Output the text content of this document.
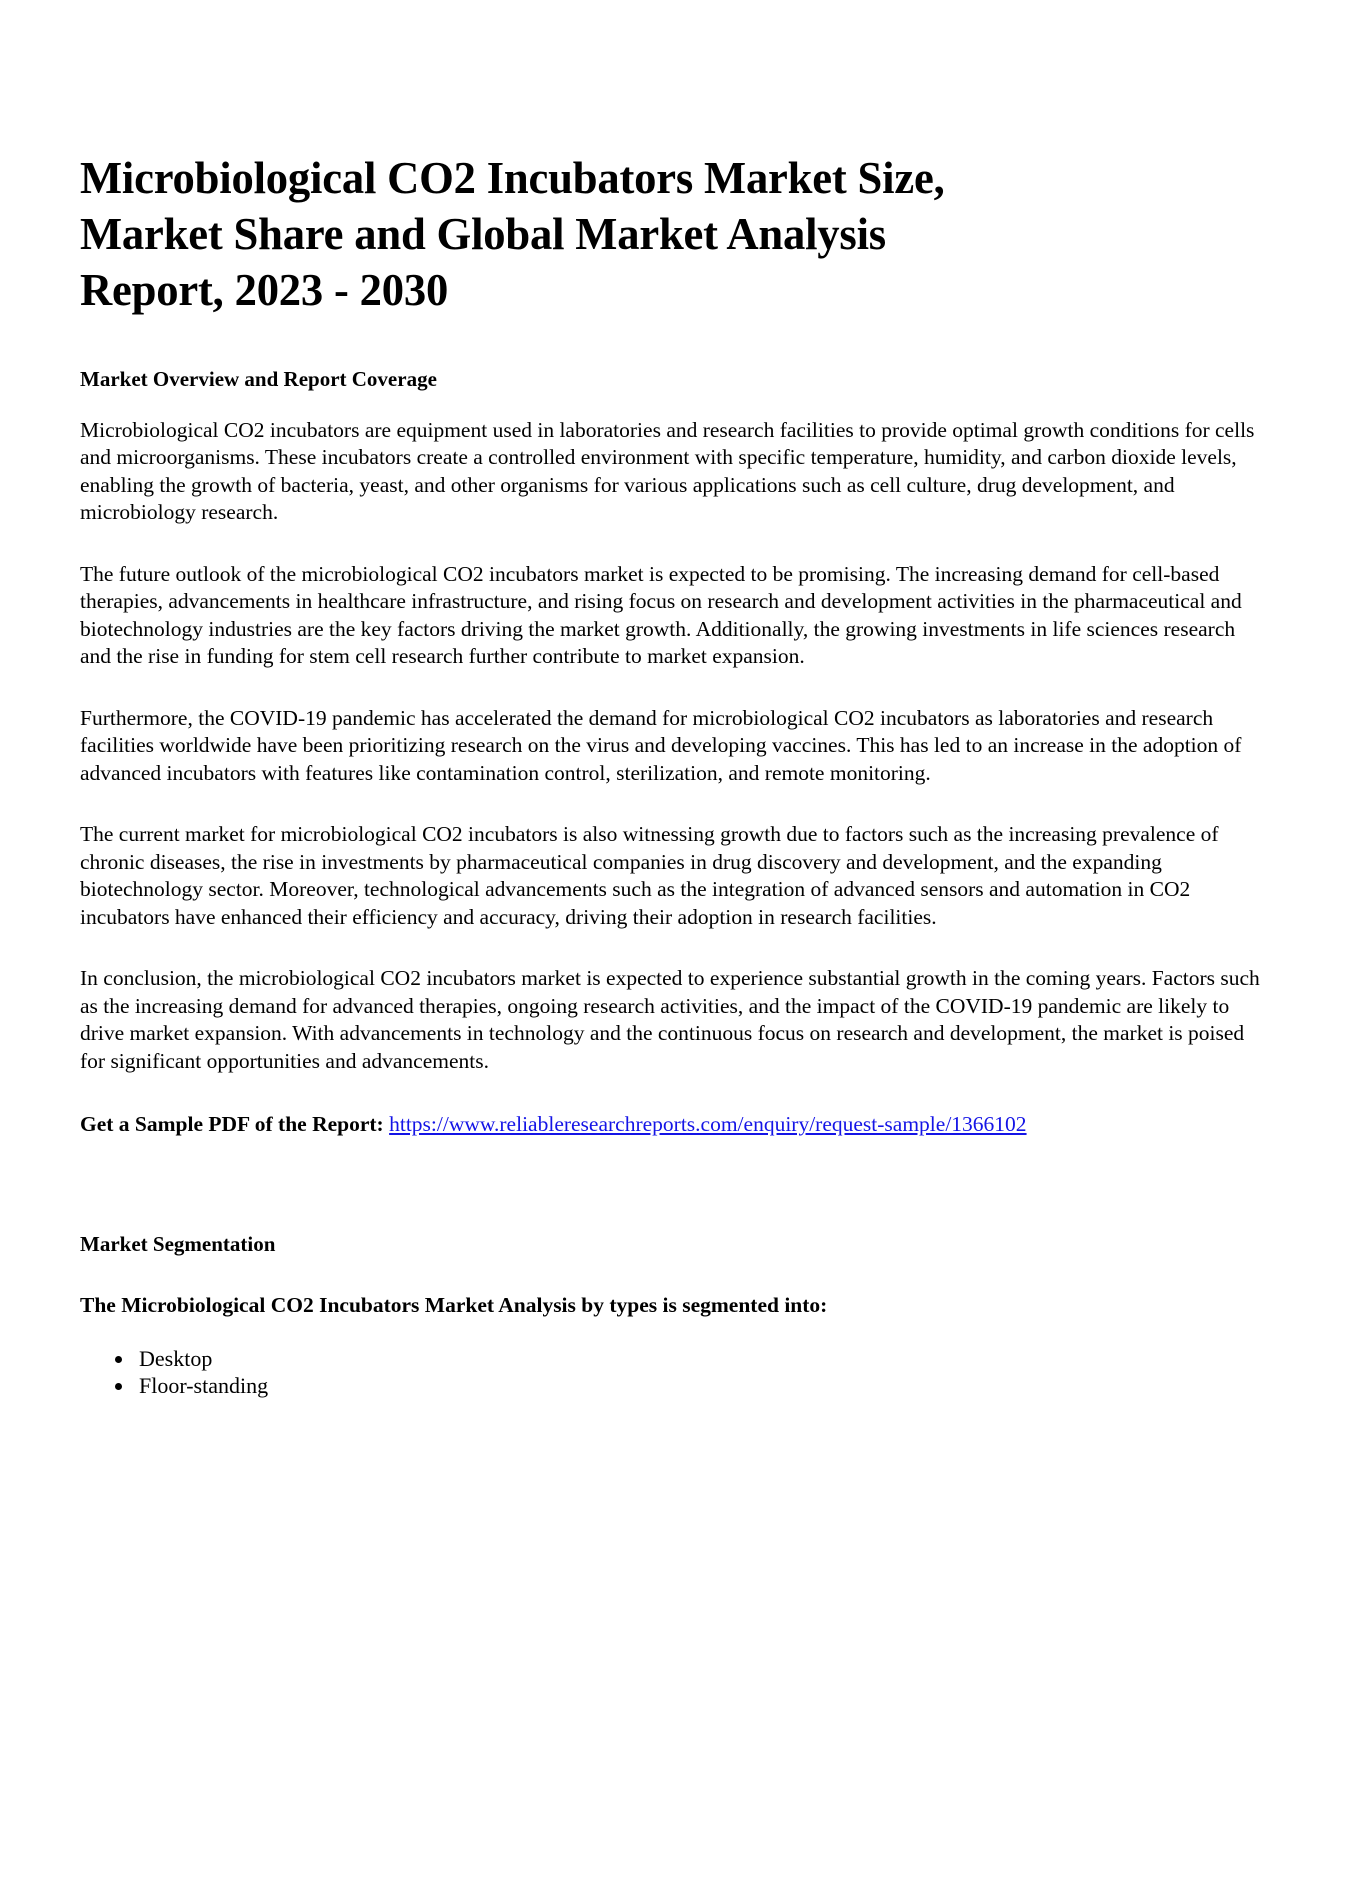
Microbiological CO2 Incubators Market Size, Market Share and Global Market Analysis Report, 2023 - 2030
Market Overview and Report Coverage

Microbiological CO2 incubators are equipment used in laboratories and research facilities to provide optimal growth conditions for cells and microorganisms. These incubators create a controlled environment with specific temperature, humidity, and carbon dioxide levels, enabling the growth of bacteria, yeast, and other organisms for various applications such as cell culture, drug development, and microbiology research.

The future outlook of the microbiological CO2 incubators market is expected to be promising. The increasing demand for cell-based therapies, advancements in healthcare infrastructure, and rising focus on research and development activities in the pharmaceutical and biotechnology industries are the key factors driving the market growth. Additionally, the growing investments in life sciences research and the rise in funding for stem cell research further contribute to market expansion.

Furthermore, the COVID-19 pandemic has accelerated the demand for microbiological CO2 incubators as laboratories and research facilities worldwide have been prioritizing research on the virus and developing vaccines. This has led to an increase in the adoption of advanced incubators with features like contamination control, sterilization, and remote monitoring.

The current market for microbiological CO2 incubators is also witnessing growth due to factors such as the increasing prevalence of chronic diseases, the rise in investments by pharmaceutical companies in drug discovery and development, and the expanding biotechnology sector. Moreover, technological advancements such as the integration of advanced sensors and automation in CO2 incubators have enhanced their efficiency and accuracy, driving their adoption in research facilities.

In conclusion, the microbiological CO2 incubators market is expected to experience substantial growth in the coming years. Factors such as the increasing demand for advanced therapies, ongoing research activities, and the impact of the COVID-19 pandemic are likely to drive market expansion. With advancements in technology and the continuous focus on research and development, the market is poised for significant opportunities and advancements.

Get a Sample PDF of the Report: https://www.reliableresearchreports.com/enquiry/request-sample/1366102

Market Segmentation
The Microbiological CO2 Incubators Market Analysis by types is segmented into:
• Desktop
• Floor-standing
